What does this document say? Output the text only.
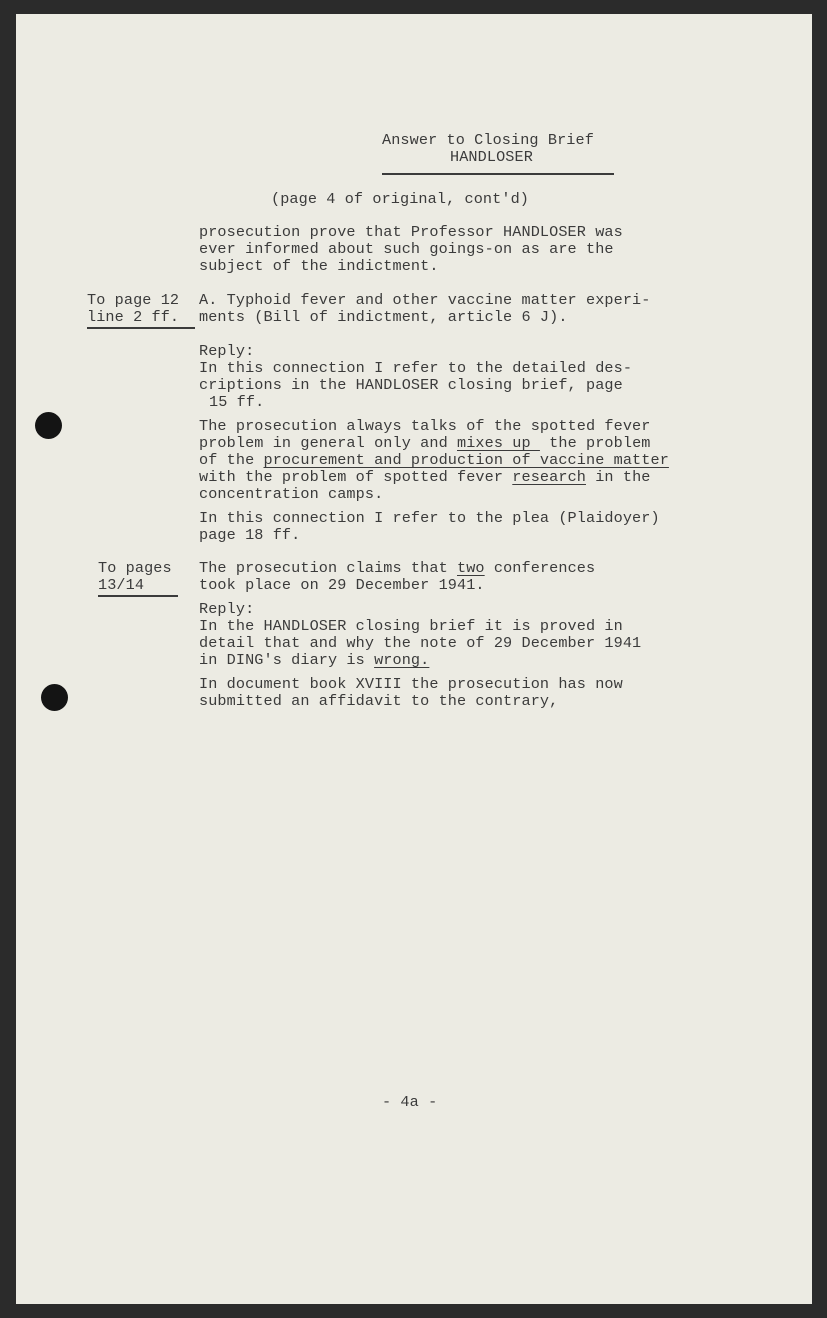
Answer to Closing Brief

HANDLOSER

(page 4 of original, cont'd)

prosecution prove that Professor HANDLOSER was

ever informed about such goings-on as are the

subject of the indictment.

To page 12

line 2 ff.

A. Typhoid fever and other vaccine matter experi-

ments (Bill of indictment, article 6 J).

Reply:

In this connection I refer to the detailed des-

criptions in the HANDLOSER closing brief, page

15 ff.

The prosecution always talks of the spotted fever

problem in general only and mixes up  the problem

of the procurement and production of vaccine matter

with the problem of spotted fever research in the

concentration camps.

In this connection I refer to the plea (Plaidoyer)

page 18 ff.

To pages

13/14

The prosecution claims that two conferences

took place on 29 December 1941.

Reply:

In the HANDLOSER closing brief it is proved in

detail that and why the note of 29 December 1941

in DING's diary is wrong.

In document book XVIII the prosecution has now

submitted an affidavit to the contrary,

- 4a -
